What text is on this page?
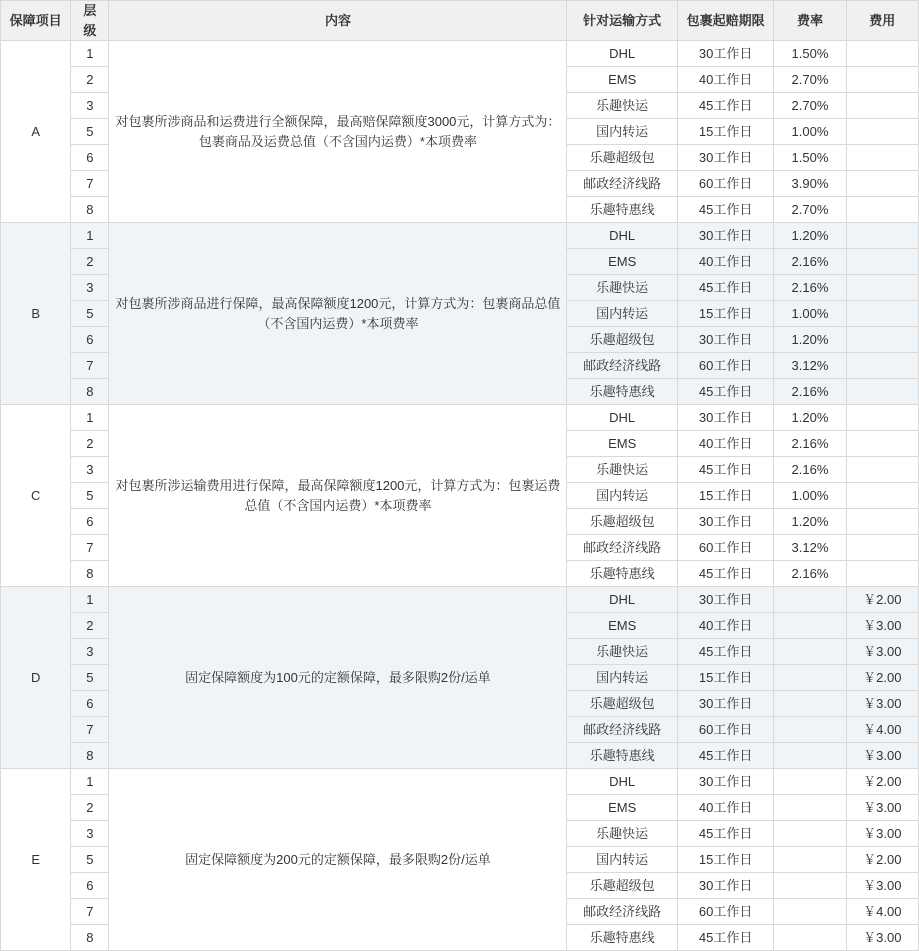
保障项目	层级	内容	针对运输方式	包裹起赔期限	费率	费用
A	1	对包裹所涉商品和运费进行全额保障，最高赔保障额度3000元，计算方式为：包裹商品及运费总值（不含国内运费）*本项费率	DHL	30工作日	1.50%	
	2		EMS	40工作日	2.70%	
	3		乐趣快运	45工作日	2.70%	
	5		国内转运	15工作日	1.00%	
	6		乐趣超级包	30工作日	1.50%	
	7		邮政经济线路	60工作日	3.90%	
	8		乐趣特惠线	45工作日	2.70%	
B	1	对包裹所涉商品进行保障，最高保障额度1200元，计算方式为：包裹商品总值（不含国内运费）*本项费率	DHL	30工作日	1.20%	
	2		EMS	40工作日	2.16%	
	3		乐趣快运	45工作日	2.16%	
	5		国内转运	15工作日	1.00%	
	6		乐趣超级包	30工作日	1.20%	
	7		邮政经济线路	60工作日	3.12%	
	8		乐趣特惠线	45工作日	2.16%	
C	1	对包裹所涉运输费用进行保障，最高保障额度1200元，计算方式为：包裹运费总值（不含国内运费）*本项费率	DHL	30工作日	1.20%	
	2		EMS	40工作日	2.16%	
	3		乐趣快运	45工作日	2.16%	
	5		国内转运	15工作日	1.00%	
	6		乐趣超级包	30工作日	1.20%	
	7		邮政经济线路	60工作日	3.12%	
	8		乐趣特惠线	45工作日	2.16%	
D	1	固定保障额度为100元的定额保障，最多限购2份/运单	DHL	30工作日		￥2.00
	2		EMS	40工作日		￥3.00
	3		乐趣快运	45工作日		￥3.00
	5		国内转运	15工作日		￥2.00
	6		乐趣超级包	30工作日		￥3.00
	7		邮政经济线路	60工作日		￥4.00
	8		乐趣特惠线	45工作日		￥3.00
E	1	固定保障额度为200元的定额保障，最多限购2份/运单	DHL	30工作日		￥2.00
	2		EMS	40工作日		￥3.00
	3		乐趣快运	45工作日		￥3.00
	5		国内转运	15工作日		￥2.00
	6		乐趣超级包	30工作日		￥3.00
	7		邮政经济线路	60工作日		￥4.00
	8		乐趣特惠线	45工作日		￥3.00
